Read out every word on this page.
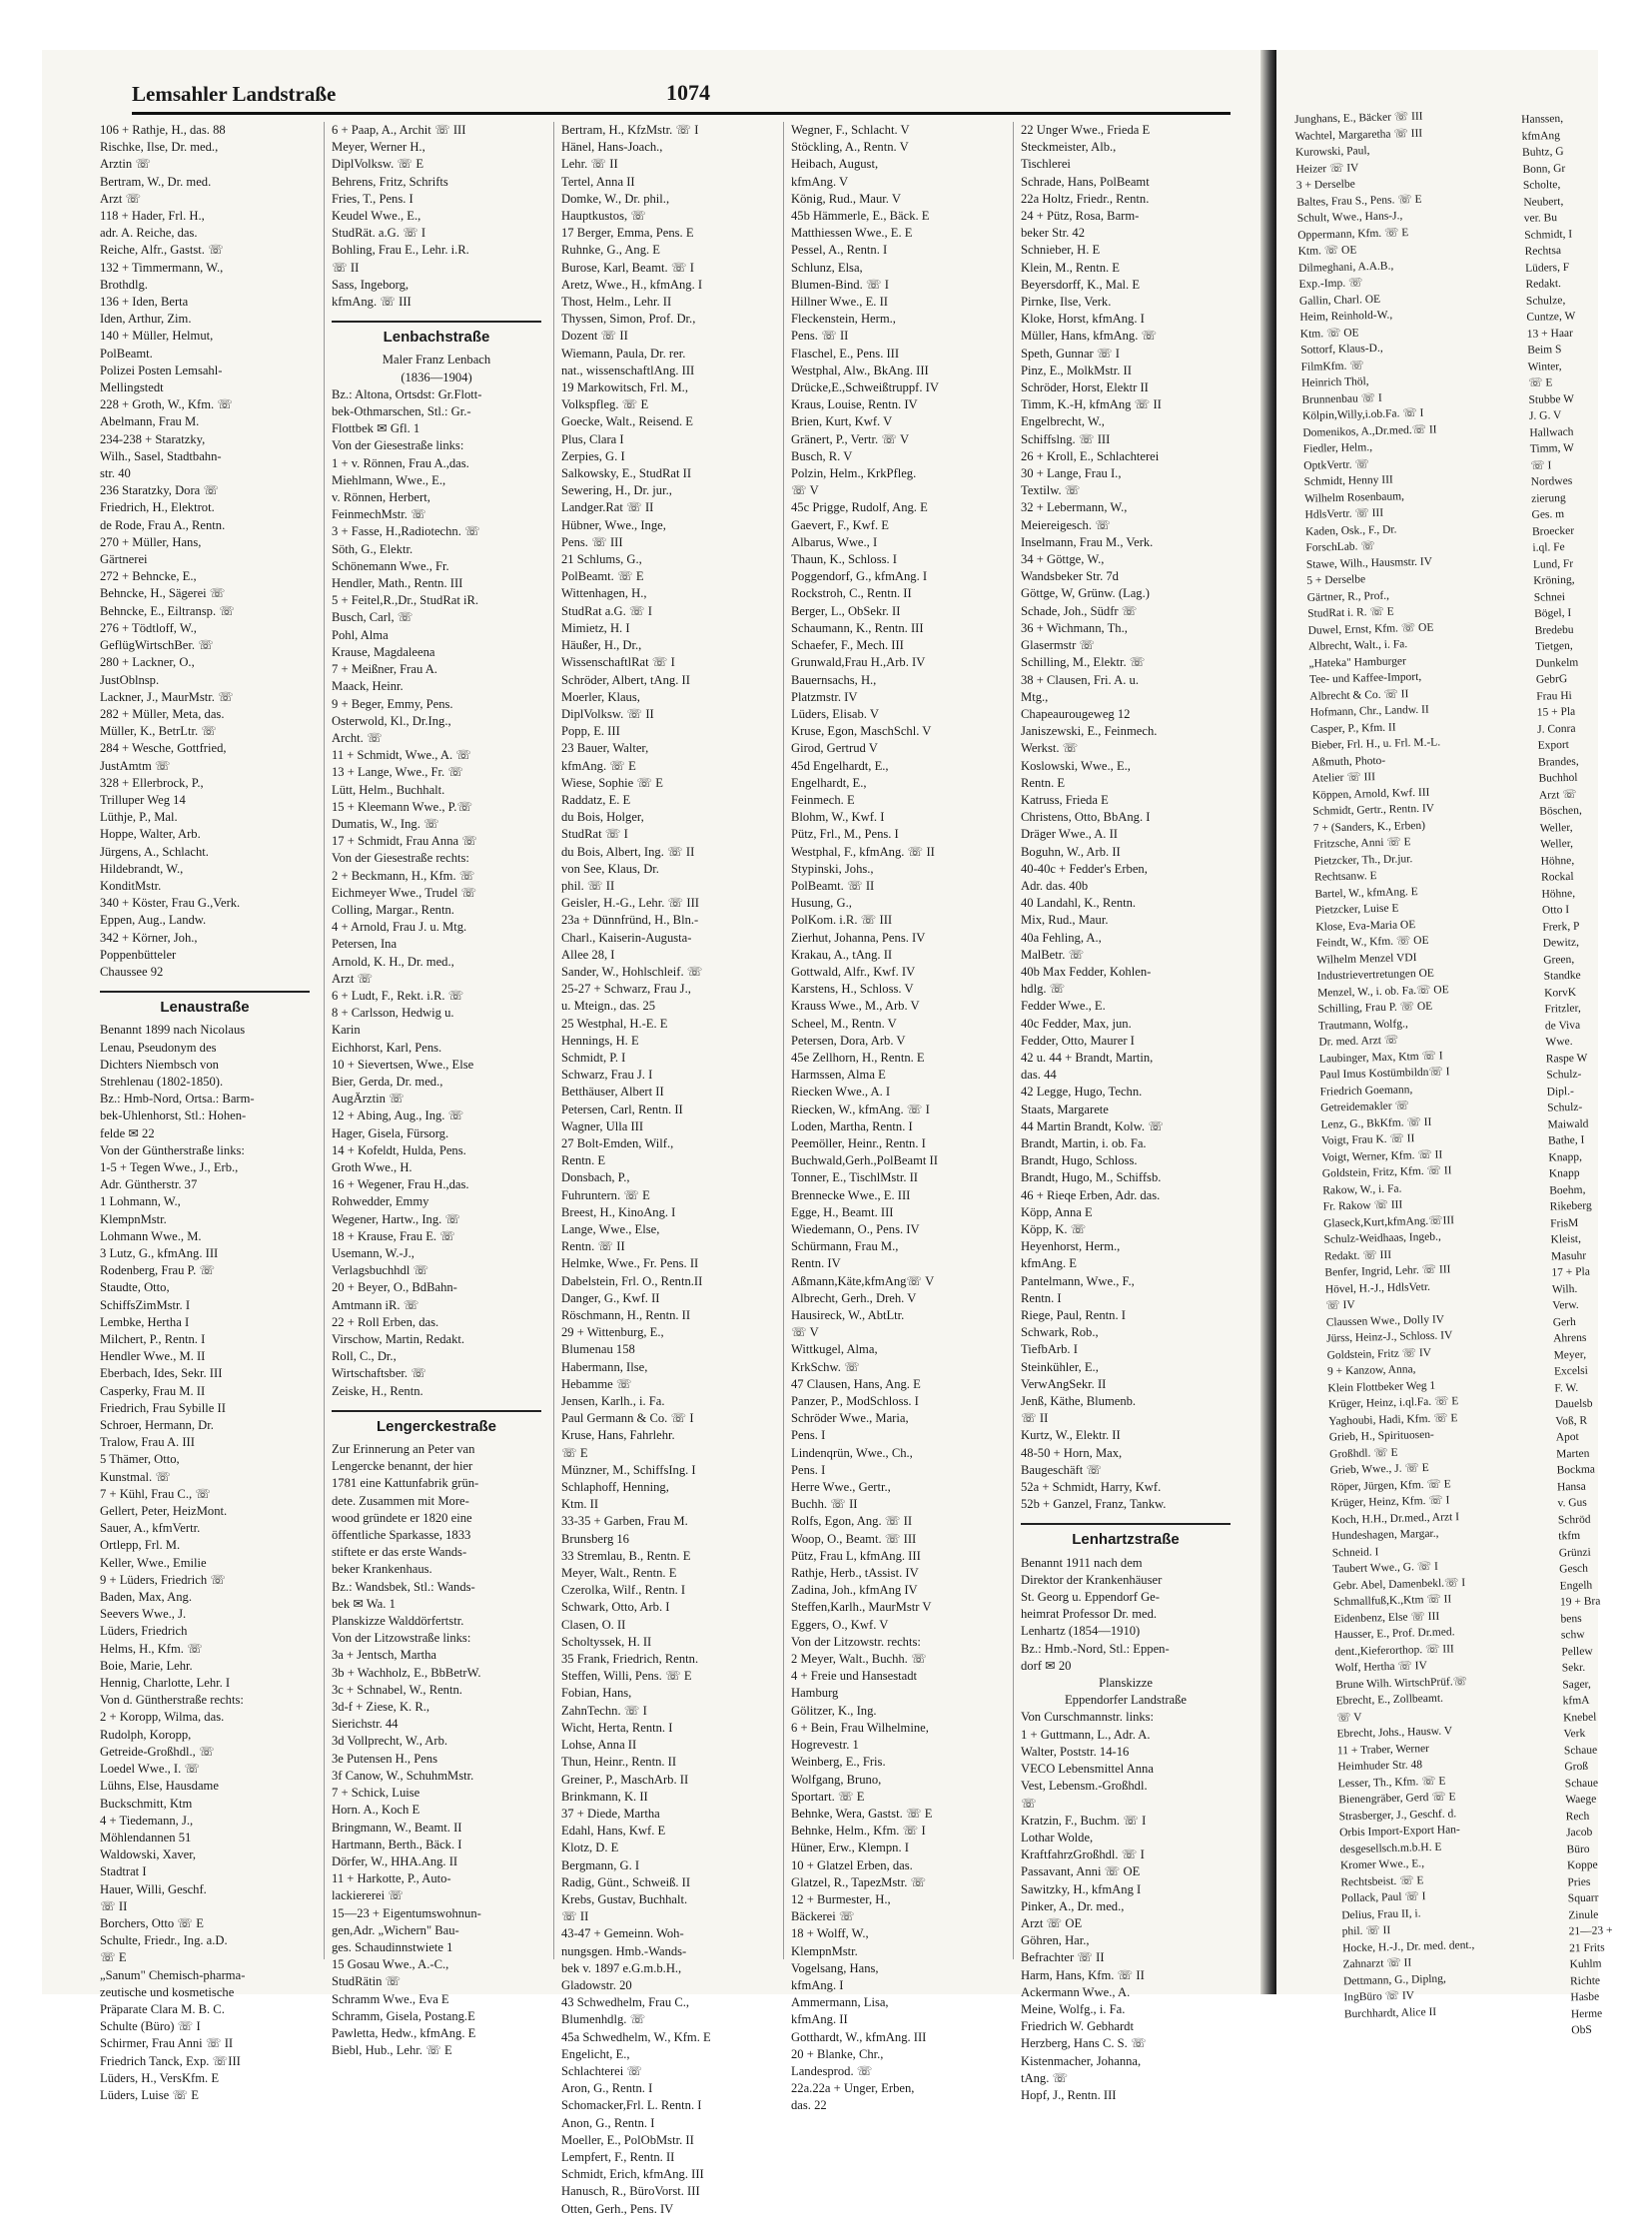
Lemsahler Landstraße	1074
106 + Rathje, H., das. 88
Rischke, Ilse, Dr. med.,
Arztin ☏
Bertram, W., Dr. med.
Arzt ☏
118 + Hader, Frl. H.,
adr. A. Reiche, das.
Reiche, Alfr., Gastst. ☏
132 + Timmermann, W.,
Brothdlg.
136 + Iden, Berta
Iden, Arthur, Zim.
140 + Müller, Helmut,
PolBeamt.
Polizei Posten Lemsahl-
Mellingstedt
228 + Groth, W., Kfm. ☏
Abelmann, Frau M.
234-238 + Staratzky,
Wilh., Sasel, Stadtbahn-
str. 40
236 Staratzky, Dora ☏
Friedrich, H., Elektrot.
de Rode, Frau A., Rentn.
270 + Müller, Hans,
Gärtnerei
272 + Behncke, E.,
Behncke, H., Sägerei ☏
Behncke, E., Eiltransp. ☏
276 + Tödtloff, W.,
GeflügWirtschBer. ☏
280 + Lackner, O.,
JustOblnsp.
Lackner, J., MaurMstr. ☏
282 + Müller, Meta, das.
Müller, K., BetrLtr. ☏
284 + Wesche, Gottfried,
JustAmtm ☏
328 + Ellerbrock, P.,
Trilluper Weg 14
Lüthje, P., Mal.
Hoppe, Walter, Arb.
Jürgens, A., Schlacht.
Hildebrandt, W.,
KonditMstr.
340 + Köster, Frau G.,Verk.
Eppen, Aug., Landw.
342 + Körner, Joh.,
Poppenbütteler
Chaussee 92
Lenaustraße
Benannt 1899 nach Nicolaus
Lenau, Pseudonym des
Dichters Niembsch von
Strehlenau (1802-1850).
Bz.: Hmb-Nord, Ortsa.: Barm-
bek-Uhlenhorst, Stl.: Hohen-
felde ✉ 22
Von der Güntherstraße links:
1-5 + Tegen Wwe., J., Erb.,
Adr. Güntherstr. 37
1 Lohmann, W.,
KlempnMstr.
Lohmann Wwe., M.
3 Lutz, G., kfmAng. III
Rodenberg, Frau P. ☏
Staudte, Otto,
SchiffsZimMstr. I
Lembke, Hertha I
Milchert, P., Rentn. I
Hendler Wwe., M. II
Eberbach, Ides, Sekr. III
Casperky, Frau M. II
Friedrich, Frau Sybille II
Schroer, Hermann, Dr.
Tralow, Frau A. III
5 Thämer, Otto,
Kunstmal. ☏
7 + Kühl, Frau C., ☏
Gellert, Peter, HeizMont.
Sauer, A., kfmVertr.
Ortlepp, Frl. M.
Keller, Wwe., Emilie
9 + Lüders, Friedrich ☏
Baden, Max, Ang.
Seevers Wwe., J.
Lüders, Friedrich
Helms, H., Kfm. ☏
Boie, Marie, Lehr.
Hennig, Charlotte, Lehr. I
Von d. Güntherstraße rechts:
2 + Koropp, Wilma, das.
Rudolph, Koropp,
Getreide-Großhdl., ☏
Loedel Wwe., I. ☏
Lühns, Else, Hausdame
Buckschmitt, Ktm
4 + Tiedemann, J.,
Möhlendannen 51
Waldowski, Xaver,
Stadtrat I
Hauer, Willi, Geschf.
☏ II
Borchers, Otto ☏ E
Schulte, Friedr., Ing. a.D.
☏ E
„Sanum" Chemisch-pharma-
zeutische und kosmetische
Präparate Clara M. B. C.
Schulte (Büro) ☏ I
Schirmer, Frau Anni ☏ II
Friedrich Tanck, Exp. ☏III
Lüders, H., VersKfm. E
Lüders, Luise ☏ E
6 + Paap, A., Archit ☏ III
Meyer, Werner H.,
DiplVolksw. ☏ E
Behrens, Fritz, Schrifts
Fries, T., Pens. I
Keudel Wwe., E.,
StudRät. a.G. ☏ I
Bohling, Frau E., Lehr. i.R.
☏ II
Sass, Ingeborg,
kfmAng. ☏ III
Lenbachstraße
Maler Franz Lenbach
(1836—1904)
Bz.: Altona, Ortsdst: Gr.Flott-
bek-Othmarschen, Stl.: Gr.-
Flottbek ✉ Gfl. 1
Von der Giesestraße links:
1 + v. Rönnen, Frau A.,das.
Miehlmann, Wwe., E.,
v. Rönnen, Herbert,
FeinmechMstr. ☏
3 + Fasse, H.,Radiotechn. ☏
Söth, G., Elektr.
Schönemann Wwe., Fr.
Hendler, Math., Rentn. III
5 + Feitel,R.,Dr., StudRat iR.
Busch, Carl, ☏
Pohl, Alma
Krause, Magdaleena
7 + Meißner, Frau A.
Maack, Heinr.
9 + Beger, Emmy, Pens.
Osterwold, Kl., Dr.Ing.,
Archt. ☏
11 + Schmidt, Wwe., A. ☏
13 + Lange, Wwe., Fr. ☏
Lütt, Helm., Buchhalt.
15 + Kleemann Wwe., P.☏
Dumatis, W., Ing. ☏
17 + Schmidt, Frau Anna ☏
Von der Giesestraße rechts:
2 + Beckmann, H., Kfm. ☏
Eichmeyer Wwe., Trudel ☏
Colling, Margar., Rentn.
4 + Arnold, Frau J. u. Mtg.
Petersen, Ina
Arnold, K. H., Dr. med.,
Arzt ☏
6 + Ludt, F., Rekt. i.R. ☏
8 + Carlsson, Hedwig u.
Karin
Eichhorst, Karl, Pens.
10 + Sievertsen, Wwe., Else
Bier, Gerda, Dr. med.,
AugÄrztin ☏
12 + Abing, Aug., Ing. ☏
Hager, Gisela, Fürsorg.
14 + Kofeldt, Hulda, Pens.
Groth Wwe., H.
16 + Wegener, Frau H.,das.
Rohwedder, Emmy
Wegener, Hartw., Ing. ☏
18 + Krause, Frau E. ☏
Usemann, W.-J.,
Verlagsbuchhdl ☏
20 + Beyer, O., BdBahn-
Amtmann iR. ☏
22 + Roll Erben, das.
Virschow, Martin, Redakt.
Roll, C., Dr.,
Wirtschaftsber. ☏
Zeiske, H., Rentn.
Lengerckestraße
Zur Erinnerung an Peter van
Lengercke benannt, der hier
1781 eine Kattunfabrik grün-
dete. Zusammen mit More-
wood gründete er 1820 eine
öffentliche Sparkasse, 1833
stiftete er das erste Wands-
beker Krankenhaus.
Bz.: Wandsbek, Stl.: Wands-
bek ✉ Wa. 1
Planskizze Walddörfertstr.
Von der Litzowstraße links:
3a + Jentsch, Martha
3b + Wachholz, E., BbBetrW.
3c + Schnabel, W., Rentn.
3d-f + Ziese, K. R.,
Sierichstr. 44
3d Vollprecht, W., Arb.
3e Putensen H., Pens
3f Canow, W., SchuhmMstr.
7 + Schick, Luise
Horn. A., Koch E
Bringmann, W., Beamt. II
Hartmann, Berth., Bäck. I
Dörfer, W., HHA.Ang. II
11 + Harkotte, P., Auto-
lackiererei ☏
15—23 + Eigentumswohnun-
gen,Adr. „Wichern" Bau-
ges. Schaudinnstwiete 1
15 Gosau Wwe., A.-C.,
StudRätin ☏
Schramm Wwe., Eva E
Schramm, Gisela, Postang.E
Pawletta, Hedw., kfmAng. E
Biebl, Hub., Lehr. ☏ E
Bertram, H., KfzMstr. ☏ I
Hänel, Hans-Joach.,
Lehr. ☏ II
Tertel, Anna II
Domke, W., Dr. phil.,
Hauptkustos, ☏
17 Berger, Emma, Pens. E
Ruhnke, G., Ang. E
Burose, Karl, Beamt. ☏ I
Aretz, Wwe., H., kfmAng. I
Thost, Helm., Lehr. II
Thyssen, Simon, Prof. Dr.,
Dozent ☏ II
Wiemann, Paula, Dr. rer.
nat., wissenschaftlAng. III
19 Markowitsch, Frl. M.,
Volkspfleg. ☏ E
Goecke, Walt., Reisend. E
Plus, Clara I
Zerpies, G. I
Salkowsky, E., StudRat II
Sewering, H., Dr. jur.,
Landger.Rat ☏ II
Hübner, Wwe., Inge,
Pens. ☏ III
21 Schlums, G.,
PolBeamt. ☏ E
Wittenhagen, H.,
StudRat a.G. ☏ I
Mimietz, H. I
Häußer, H., Dr.,
WissenschaftlRat ☏ I
Schröder, Albert, tAng. II
Moerler, Klaus,
DiplVolksw. ☏ II
Popp, E. III
23 Bauer, Walter,
kfmAng. ☏ E
Wiese, Sophie ☏ E
Raddatz, E. E
du Bois, Holger,
StudRat ☏ I
du Bois, Albert, Ing. ☏ II
von See, Klaus, Dr.
phil. ☏ II
Geisler, H.-G., Lehr. ☏ III
23a + Dünnfründ, H., Bln.-
Charl., Kaiserin-Augusta-
Allee 28, I
Sander, W., Hohlschleif. ☏
25-27 + Schwarz, Frau J.,
u. Mteign., das. 25
25 Westphal, H.-E. E
Hennings, H. E
Schmidt, P. I
Schwarz, Frau J. I
Betthäuser, Albert II
Petersen, Carl, Rentn. II
Wagner, Ulla III
27 Bolt-Emden, Wilf.,
Rentn. E
Donsbach, P.,
Fuhruntern. ☏ E
Breest, H., KinoAng. I
Lange, Wwe., Else,
Rentn. ☏ II
Helmke, Wwe., Fr. Pens. II
Dabelstein, Frl. O., Rentn.II
Danger, G., Kwf. II
Röschmann, H., Rentn. II
29 + Wittenburg, E.,
Blumenau 158
Habermann, Ilse,
Hebamme ☏
Jensen, Karlh., i. Fa.
Paul Germann & Co. ☏ I
Kruse, Hans, Fahrlehr.
☏ E
Münzner, M., SchiffsIng. I
Schlaphoff, Henning,
Ktm. II
33-35 + Garben, Frau M.
Brunsberg 16
33 Stremlau, B., Rentn. E
Meyer, Walt., Rentn. E
Czerolka, Wilf., Rentn. I
Schwark, Otto, Arb. I
Clasen, O. II
Scholtyssek, H. II
35 Frank, Friedrich, Rentn.
Steffen, Willi, Pens. ☏ E
Fobian, Hans,
ZahnTechn. ☏ I
Wicht, Herta, Rentn. I
Lohse, Anna II
Thun, Heinr., Rentn. II
Greiner, P., MaschArb. II
Brinkmann, K. II
37 + Diede, Martha
Edahl, Hans, Kwf. E
Klotz, D. E
Bergmann, G. I
Radig, Günt., Schweiß. II
Krebs, Gustav, Buchhalt.
☏ II
43-47 + Gemeinn. Woh-
nungsgen. Hmb.-Wands-
bek v. 1897 e.G.m.b.H.,
Gladowstr. 20
43 Schwedhelm, Frau C.,
Blumenhdlg. ☏
45a Schwedhelm, W., Kfm. E
Engelicht, E.,
Schlachterei ☏
Aron, G., Rentn. I
Schomacker,Frl. L. Rentn. I
Anon, G., Rentn. I
Moeller, E., PolObMstr. II
Lempfert, F., Rentn. II
Schmidt, Erich, kfmAng. III
Hanusch, R., BüroVorst. III
Otten, Gerh., Pens. IV
Wegner, F., Schlacht. V
Stöckling, A., Rentn. V
Heibach, August,
kfmAng. V
König, Rud., Maur. V
45b Hämmerle, E., Bäck. E
Matthiessen Wwe., E. E
Pessel, A., Rentn. I
Schlunz, Elsa,
Blumen-Bind. ☏ I
Hillner Wwe., E. II
Fleckenstein, Herm.,
Pens. ☏ II
Flaschel, E., Pens. III
Westphal, Alw., BkAng. III
Drücke,E.,Schweißtruppf. IV
Kraus, Louise, Rentn. IV
Brien, Kurt, Kwf. V
Gränert, P., Vertr. ☏ V
Busch, R. V
Polzin, Helm., KrkPfleg.
☏ V
45c Prigge, Rudolf, Ang. E
Gaevert, F., Kwf. E
Albarus, Wwe., I
Thaun, K., Schloss. I
Poggendorf, G., kfmAng. I
Rockstroh, C., Rentn. II
Berger, L., ObSekr. II
Schaumann, K., Rentn. III
Schaefer, F., Mech. III
Grunwald,Frau H.,Arb. IV
Bauernsachs, H.,
Platzmstr. IV
Lüders, Elisab. V
Kruse, Egon, MaschSchl. V
Girod, Gertrud V
45d Engelhardt, E.,
Engelhardt, E.,
Feinmech. E
Blohm, W., Kwf. I
Pütz, Frl., M., Pens. I
Westphal, F., kfmAng. ☏ II
Stypinski, Johs.,
PolBeamt. ☏ II
Husung, G.,
PolKom. i.R. ☏ III
Zierhut, Johanna, Pens. IV
Krakau, A., tAng. II
Gottwald, Alfr., Kwf. IV
Karstens, H., Schloss. V
Krauss Wwe., M., Arb. V
Scheel, M., Rentn. V
Petersen, Dora, Arb. V
45e Zellhorn, H., Rentn. E
Harmssen, Alma E
Riecken Wwe., A. I
Riecken, W., kfmAng. ☏ I
Loden, Martha, Rentn. I
Peemöller, Heinr., Rentn. I
Buchwald,Gerh.,PolBeamt II
Tonner, E., TischlMstr. II
Brennecke Wwe., E. III
Egge, H., Beamt. III
Wiedemann, O., Pens. IV
Schürmann, Frau M.,
Rentn. IV
Aßmann,Käte,kfmAng☏ V
Albrecht, Gerh., Dreh. V
Hausireck, W., AbtLtr.
☏ V
Wittkugel, Alma,
KrkSchw. ☏
47 Clausen, Hans, Ang. E
Panzer, P., ModSchloss. I
Schröder Wwe., Maria,
Pens. I
Lindenqrün, Wwe., Ch.,
Pens. I
Herre Wwe., Gertr.,
Buchh. ☏ II
Rolfs, Egon, Ang. ☏ II
Woop, O., Beamt. ☏ III
Pütz, Frau L, kfmAng. III
Rathje, Herb., tAssist. IV
Zadina, Joh., kfmAng IV
Steffen,Karlh., MaurMstr V
Eggers, O., Kwf. V
Von der Litzowstr. rechts:
2 Meyer, Walt., Buchh. ☏
4 + Freie und Hansestadt
Hamburg
Gölitzer, K., Ing.
6 + Bein, Frau Wilhelmine,
Hogrevestr. 1
Weinberg, E., Fris.
Wolfgang, Bruno,
Sportart. ☏ E
Behnke, Wera, Gastst. ☏ E
Behnke, Helm., Kfm. ☏ I
Hüner, Erw., Klempn. I
10 + Glatzel Erben, das.
Glatzel, R., TapezMstr. ☏
12 + Burmester, H.,
Bäckerei ☏
18 + Wolff, W.,
KlempnMstr.
Vogelsang, Hans,
kfmAng. I
Ammermann, Lisa,
kfmAng. II
Gotthardt, W., kfmAng. III
20 + Blanke, Chr.,
Landesprod. ☏
22a.22a + Unger, Erben,
das. 22
22 Unger Wwe., Frieda E
Steckmeister, Alb.,
Tischlerei
Schrade, Hans, PolBeamt
22a Holtz, Friedr., Rentn.
24 + Pütz, Rosa, Barm-
beker Str. 42
Schnieber, H. E
Klein, M., Rentn. E
Beyersdorff, K., Mal. E
Pirnke, Ilse, Verk.
Kloke, Horst, kfmAng. I
Müller, Hans, kfmAng. ☏
Speth, Gunnar ☏ I
Pinz, E., MolkMstr. II
Schröder, Horst, Elektr II
Timm, K.-H, kfmAng ☏ II
Engelbrecht, W.,
Schiffslng. ☏ III
26 + Kroll, E., Schlachterei
30 + Lange, Frau I.,
Textilw. ☏
32 + Lebermann, W.,
Meiereigesch. ☏
Inselmann, Frau M., Verk.
34 + Göttge, W.,
Wandsbeker Str. 7d
Göttge, W, Grünw. (Lag.)
Schade, Joh., Südfr ☏
36 + Wichmann, Th.,
Glasermstr ☏
Schilling, M., Elektr. ☏
38 + Clausen, Fri. A. u.
Mtg.,
Chapeaurougeweg 12
Janiszewski, E., Feinmech.
Werkst. ☏
Koslowski, Wwe., E.,
Rentn. E
Katruss, Frieda E
Christens, Otto, BbAng. I
Dräger Wwe., A. II
Boguhn, W., Arb. II
40-40c + Fedder's Erben,
Adr. das. 40b
40 Landahl, K., Rentn.
Mix, Rud., Maur.
40a Fehling, A.,
MalBetr. ☏
40b Max Fedder, Kohlen-
hdlg. ☏
Fedder Wwe., E.
40c Fedder, Max, jun.
Fedder, Otto, Maurer I
42 u. 44 + Brandt, Martin,
das. 44
42 Legge, Hugo, Techn.
Staats, Margarete
44 Martin Brandt, Kolw. ☏
Brandt, Martin, i. ob. Fa.
Brandt, Hugo, Schloss.
Brandt, Hugo, M., Schiffsb.
46 + Rieqe Erben, Adr. das.
Köpp, Anna E
Köpp, K. ☏
Heyenhorst, Herm.,
kfmAng. E
Pantelmann, Wwe., F.,
Rentn. I
Riege, Paul, Rentn. I
Schwark, Rob.,
TiefbArb. I
Steinkühler, E.,
VerwAngSekr. II
Jenß, Käthe, Blumenb.
☏ II
Kurtz, W., Elektr. II
48-50 + Horn, Max,
Baugeschäft ☏
52a + Schmidt, Harry, Kwf.
52b + Ganzel, Franz, Tankw.
Lenhartzstraße
Benannt 1911 nach dem
Direktor der Krankenhäuser
St. Georg u. Eppendorf Ge-
heimrat Professor Dr. med.
Lenhartz (1854—1910)
Bz.: Hmb.-Nord, Stl.: Eppen-
dorf ✉ 20
Planskizze
Eppendorfer Landstraße
Von Curschmannstr. links:
1 + Guttmann, L., Adr. A.
Walter, Poststr. 14-16
VECO Lebensmittel Anna
Vest, Lebensm.-Großhdl.
☏
Kratzin, F., Buchm. ☏ I
Lothar Wolde,
KraftfahrzGroßhdl. ☏ I
Passavant, Anni ☏ OE
Sawitzky, H., kfmAng I
Pinker, A., Dr. med.,
Arzt ☏ OE
Göhren, Har.,
Befrachter ☏ II
Harm, Hans, Kfm. ☏ II
Ackermann Wwe., A.
Meine, Wolfg., i. Fa.
Friedrich W. Gebhardt
Herzberg, Hans C. S. ☏
Kistenmacher, Johanna,
tAng. ☏
Hopf, J., Rentn. III
Junghans, E., Bäcker ☏ III
Wachtel, Margaretha ☏ III
Kurowski, Paul,
Heizer ☏ IV
3 + Derselbe
Baltes, Frau S., Pens. ☏ E
Schult, Wwe., Hans-J.,
Oppermann, Kfm. ☏ E
Ktm. ☏ OE
Dilmeghani, A.A.B.,
Exp.-Imp. ☏
Gallin, Charl. OE
Heim, Reinhold-W.,
Ktm. ☏ OE
Sottorf, Klaus-D.,
FilmKfm. ☏
Heinrich Thöl,
Brunnenbau ☏ I
Kölpin,Willy,i.ob.Fa. ☏ I
Domenikos, A.,Dr.med.☏ II
Fiedler, Helm.,
OptkVertr. ☏
Schmidt, Henny III
Wilhelm Rosenbaum,
HdlsVertr. ☏ III
Kaden, Osk., F., Dr.
ForschLab. ☏
Stawe, Wilh., Hausmstr. IV
5 + Derselbe
Gärtner, R., Prof.,
StudRat i. R. ☏ E
Duwel, Ernst, Kfm. ☏ OE
Albrecht, Walt., i. Fa.
„Hateka" Hamburger
Tee- und Kaffee-Import,
Albrecht & Co. ☏ II
Hofmann, Chr., Landw. II
Casper, P., Kfm. II
Bieber, Frl. H., u. Frl. M.-L.
Aßmuth, Photo-
Atelier ☏ III
Köppen, Arnold, Kwf. III
Schmidt, Gertr., Rentn. IV
7 + (Sanders, K., Erben)
Fritzsche, Anni ☏ E
Pietzcker, Th., Dr.jur.
Rechtsanw. E
Bartel, W., kfmAng. E
Pietzcker, Luise E
Klose, Eva-Maria OE
Feindt, W., Kfm. ☏ OE
Wilhelm Menzel VDI
Industrievertretungen OE
Menzel, W., i. ob. Fa.☏ OE
Schilling, Frau P. ☏ OE
Trautmann, Wolfg.,
Dr. med. Arzt ☏
Laubinger, Max, Ktm ☏ I
Paul Imus Kostümbildn☏ I
Friedrich Goemann,
Getreidemakler ☏
Lenz, G., BkKfm. ☏ II
Voigt, Frau K. ☏ II
Voigt, Werner, Kfm. ☏ II
Goldstein, Fritz, Kfm. ☏ II
Rakow, W., i. Fa.
Fr. Rakow ☏ III
Glaseck,Kurt,kfmAng.☏III
Schulz-Weidhaas, Ingeb.,
Redakt. ☏ III
Benfer, Ingrid, Lehr. ☏ III
Hövel, H.-J., HdlsVetr.
☏ IV
Claussen Wwe., Dolly IV
Jürss, Heinz-J., Schloss. IV
Goldstein, Fritz ☏ IV
9 + Kanzow, Anna,
Klein Flottbeker Weg 1
Krüger, Heinz, i.ql.Fa. ☏ E
Yaghoubi, Hadi, Kfm. ☏ E
Grieb, H., Spirituosen-
Großhdl. ☏ E
Grieb, Wwe., J. ☏ E
Röper, Jürgen, Kfm. ☏ E
Krüger, Heinz, Kfm. ☏ I
Koch, H.H., Dr.med., Arzt I
Hundeshagen, Margar.,
Schneid. I
Taubert Wwe., G. ☏ I
Gebr. Abel, Damenbekl.☏ I
Schmallfuß,K.,Ktm ☏ II
Eidenbenz, Else ☏ III
Hausser, E., Prof. Dr.med.
dent.,Kieferorthop. ☏ III
Wolf, Hertha ☏ IV
Brune Wilh. WirtschPrüf.☏
Ebrecht, E., Zollbeamt.
☏ V
Ebrecht, Johs., Hausw. V
11 + Traber, Werner
Heimhuder Str. 48
Lesser, Th., Kfm. ☏ E
Bienengräber, Gerd ☏ E
Strasberger, J., Geschf. d.
Orbis Import-Export Han-
desgesellsch.m.b.H. E
Kromer Wwe., E.,
Rechtsbeist. ☏ E
Pollack, Paul ☏ I
Delius, Frau II, i.
phil. ☏ II
Hocke, H.-J., Dr. med. dent.,
Zahnarzt ☏ II
Dettmann, G., Diplng,
IngBüro ☏ IV
Burchhardt, Alice II
Hanssen,
kfmAng
Buhtz, G
Bonn, Gr
Scholte,
Neubert,
ver. Bu
Schmidt, I
Rechtsa
Lüders, F
Redakt.
Schulze,
Cuntze, W
13 + Haar
Beim S
Winter,
☏ E
Stubbe W
J. G. V
Hallwach
Timm, W
☏ I
Nordwes
zierung
Ges. m
Broecker
i.ql. Fe
Lund, Fr
Kröning,
Schnei
Bögel, I
Bredebu
Tietgen,
Dunkelm
GebrG
Frau Hi
15 + Pla
J. Conra
Export
Brandes,
Buchhol
Arzt ☏
Böschen,
Weller,
Weller,
Höhne,
Rockal
Höhne,
Otto I
Frerk, P
Dewitz,
Green,
Standke
KorvK
Fritzler,
de Viva
Wwe.
Raspe W
Schulz-
Dipl.-
Schulz-
Maiwald
Bathe, I
Knapp,
Knapp
Boehm,
Rikeberg
FrisM
Kleist,
Masuhr
17 + Pla
Wilh.
Verw.
Gerh
Ahrens
Meyer,
Excelsi
F. W.
Dauelsb
Voß, R
Apot
Marten
Bockma
Hansa
v. Gus
Schröd
tkfm
Grünzi
Gesch
Engelh
19 + Bra
bens
schw
Pellew
Sekr.
Sager,
kfmA
Knebel
Verk
Schaue
Groß
Schaue
Waege
Rech
Jacob
Büro
Koppe
Pries
Squarr
Zinule
21—23 +
21 Frits
Kuhlm
Richte
Hasbe
Herme
ObS
